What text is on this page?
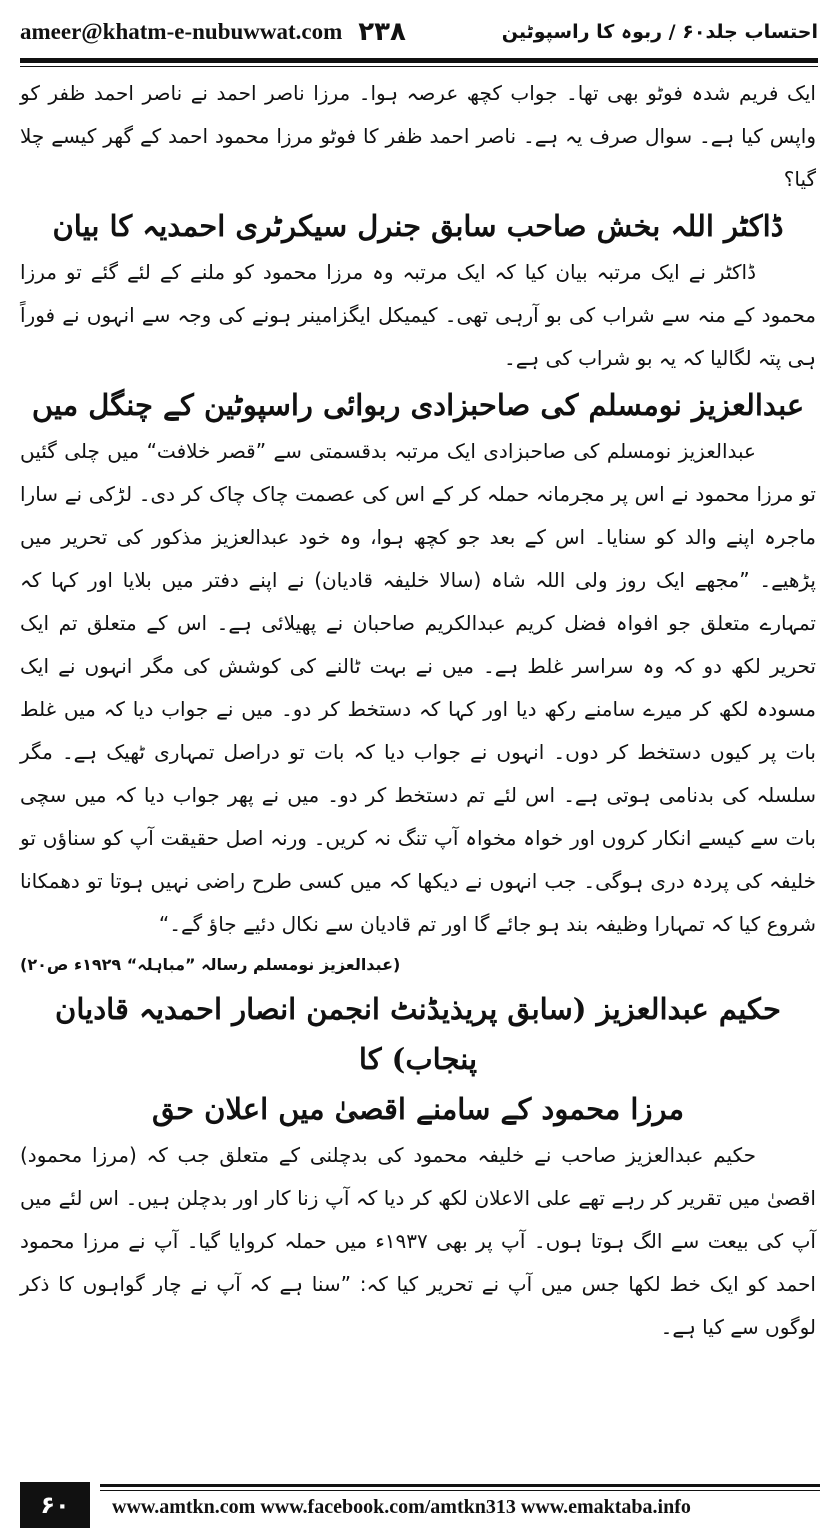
ameer@khatm-e-nubuwwat.com ۲۳۸	احتساب جلد۶۰ / ربوہ کا راسپوٹین

ایک فریم شدہ فوٹو بھی تھا۔ جواب کچھ عرصہ ہوا۔ مرزا ناصر احمد نے ناصر احمد ظفر کو واپس کیا ہے۔ سوال صرف یہ ہے۔ ناصر احمد ظفر کا فوٹو مرزا محمود احمد کے گھر کیسے چلا گیا؟

ڈاکٹر اللہ بخش صاحب سابق جنرل سیکرٹری احمدیہ کا بیان

ڈاکٹر نے ایک مرتبہ بیان کیا کہ ایک مرتبہ وہ مرزا محمود کو ملنے کے لئے گئے تو مرزا محمود کے منہ سے شراب کی بو آرہی تھی۔ کیمیکل ایگزامینر ہونے کی وجہ سے انہوں نے فوراً ہی پتہ لگالیا کہ یہ بو شراب کی ہے۔

عبدالعزیز نومسلم کی صاحبزادی ربوائی راسپوٹین کے چنگل میں

عبدالعزیز نومسلم کی صاحبزادی ایک مرتبہ بدقسمتی سے ”قصر خلافت“ میں چلی گئیں تو مرزا محمود نے اس پر مجرمانہ حملہ کر کے اس کی عصمت چاک چاک کر دی۔ لڑکی نے سارا ماجرہ اپنے والد کو سنایا۔ اس کے بعد جو کچھ ہوا، وہ خود عبدالعزیز مذکور کی تحریر میں پڑھیے۔ ”مجھے ایک روز ولی اللہ شاہ (سالا خلیفہ قادیان) نے اپنے دفتر میں بلایا اور کہا کہ تمہارے متعلق جو افواہ فضل کریم عبدالکریم صاحبان نے پھیلائی ہے۔ اس کے متعلق تم ایک تحریر لکھ دو کہ وہ سراسر غلط ہے۔ میں نے بہت ٹالنے کی کوشش کی مگر انہوں نے ایک مسودہ لکھ کر میرے سامنے رکھ دیا اور کہا کہ دستخط کر دو۔ میں نے جواب دیا کہ میں غلط بات پر کیوں دستخط کر دوں۔ انہوں نے جواب دیا کہ بات تو دراصل تمہاری ٹھیک ہے۔ مگر سلسلہ کی بدنامی ہوتی ہے۔ اس لئے تم دستخط کر دو۔ میں نے پھر جواب دیا کہ میں سچی بات سے کیسے انکار کروں اور خواہ مخواہ آپ تنگ نہ کریں۔ ورنہ اصل حقیقت آپ کو سناؤں تو خلیفہ کی پردہ دری ہوگی۔ جب انہوں نے دیکھا کہ میں کسی طرح راضی نہیں ہوتا تو دھمکانا شروع کیا کہ تمہارا وظیفہ بند ہو جائے گا اور تم قادیان سے نکال دئیے جاؤ گے۔“

(عبدالعزیز نومسلم رسالہ ”مباہلہ“ ۱۹۲۹ء ص۲۰)

حکیم عبدالعزیز (سابق پریذیڈنٹ انجمن انصار احمدیہ قادیان پنجاب) کا
مرزا محمود کے سامنے اقصیٰ میں اعلان حق

حکیم عبدالعزیز صاحب نے خلیفہ محمود کی بدچلنی کے متعلق جب کہ (مرزا محمود) اقصیٰ میں تقریر کر رہے تھے علی الاعلان لکھ کر دیا کہ آپ زنا کار اور بدچلن ہیں۔ اس لئے میں آپ کی بیعت سے الگ ہوتا ہوں۔ آپ پر بھی ۱۹۳۷ء میں حملہ کروایا گیا۔ آپ نے مرزا محمود احمد کو ایک خط لکھا جس میں آپ نے تحریر کیا کہ: ”سنا ہے کہ آپ نے چار گواہوں کا ذکر لوگوں سے کیا ہے۔

۶۰	www.amtkn.com www.facebook.com/amtkn313 www.emaktaba.info
